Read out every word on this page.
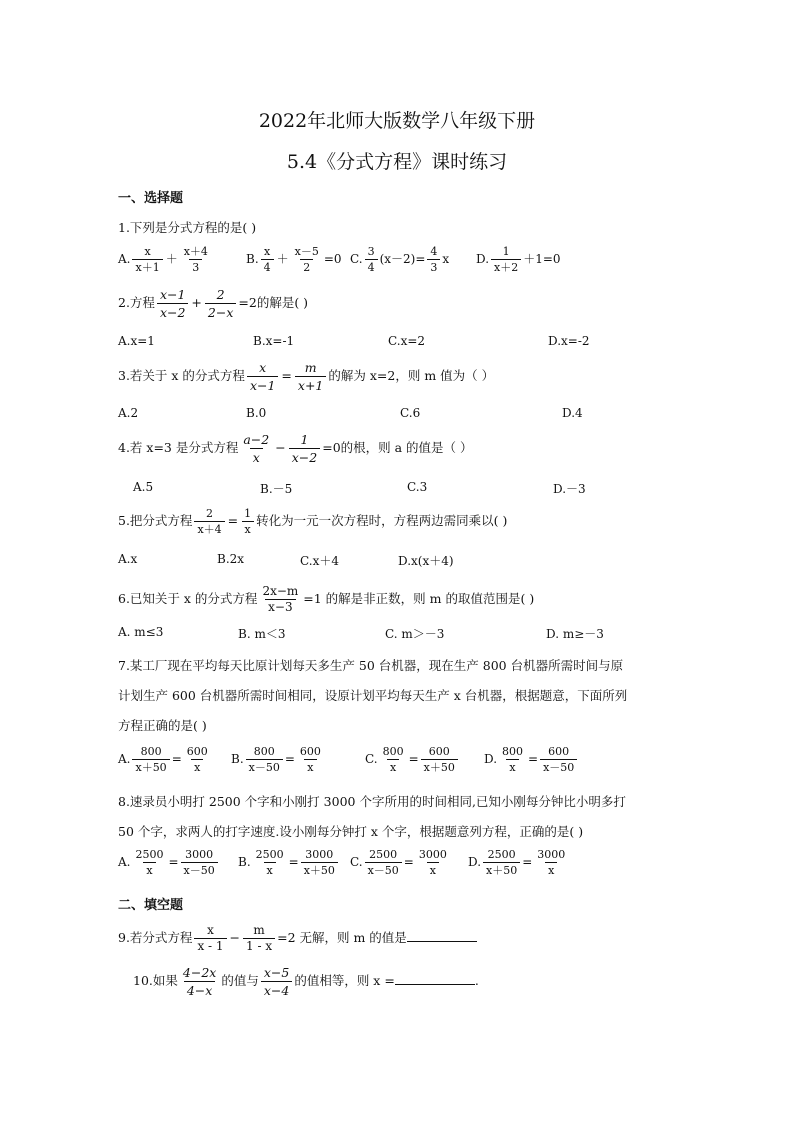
2022年北师大版数学八年级下册
5.4《分式方程》课时练习
一、选择题
1.下列是分式方程的是( )
A. $\frac{x}{x+1} + \frac{x+4}{3}$	B. $\frac{x}{4} + \frac{x-5}{2} =0$ C. $\frac{3}{4} (x-2)= \frac{4}{3}$ x D. $\frac{1}{x+2} +1=0$
2.方程 $\frac{x-1}{x-2} + \frac{2}{2-x} =2$的解是( )
A.x=1	B.x=-1	C.x=2	D.x=-2
3.若关于 x 的分式方程 $\frac{x}{x-1} = \frac{m}{x+1}$ 的解为 x=2，则 m 值为（ ）
A.2	B.0	C.6	D.4
4.若 x=3 是分式方程 $\frac{a-2}{x} - \frac{1}{x-2} =0$的根，则 a 的值是（ ）
A.5	B.－5	C.3	D.－3
5.把分式方程 $\frac{2}{x+4} = \frac{1}{x}$ 转化为一元一次方程时，方程两边需同乘以( )
A.x	B.2x	C.x＋4	D.x(x＋4)
6.已知关于 x 的分式方程 $\frac{2x-m}{x-3} =1$ 的解是非正数，则 m 的取值范围是( )
A. m≤3	B. m＜3	C. m＞－3	D. m≥－3
7.某工厂现在平均每天比原计划每天多生产 50 台机器，现在生产 800 台机器所需时间与原
计划生产 600 台机器所需时间相同，设原计划平均每天生产 x 台机器，根据题意，下面所列
方程正确的是( )
A. $\frac{800}{x+50} = \frac{600}{x} B$. $\frac{800}{x-50} = \frac{600}{x}$	C. $\frac{800}{x} = \frac{600}{x+50} D$. $\frac{800}{x} = \frac{600}{x-50}$
8.速录员小明打 2500 个字和小刚打 3000 个字所用的时间相同,已知小刚每分钟比小明多打
50 个字，求两人的打字速度.设小刚每分钟打 x 个字，根据题意列方程，正确的是( )
A. $\frac{2500}{x} = \frac{3000}{x-50} B$. $\frac{2500}{x} = \frac{3000}{x+50} C$. $\frac{2500}{x-50} = \frac{3000}{x} D$. $\frac{2500}{x+50} = \frac{3000}{x}$
二、填空题
9.若分式方程 $\frac{x}{x - 1} - \frac{m}{1 - x} =2$ 无解，则 m 的值是
10.如果 $\frac{4-2x}{4-x}$ 的值与 $\frac{x-5}{x-4}$ 的值相等，则 x =	.
